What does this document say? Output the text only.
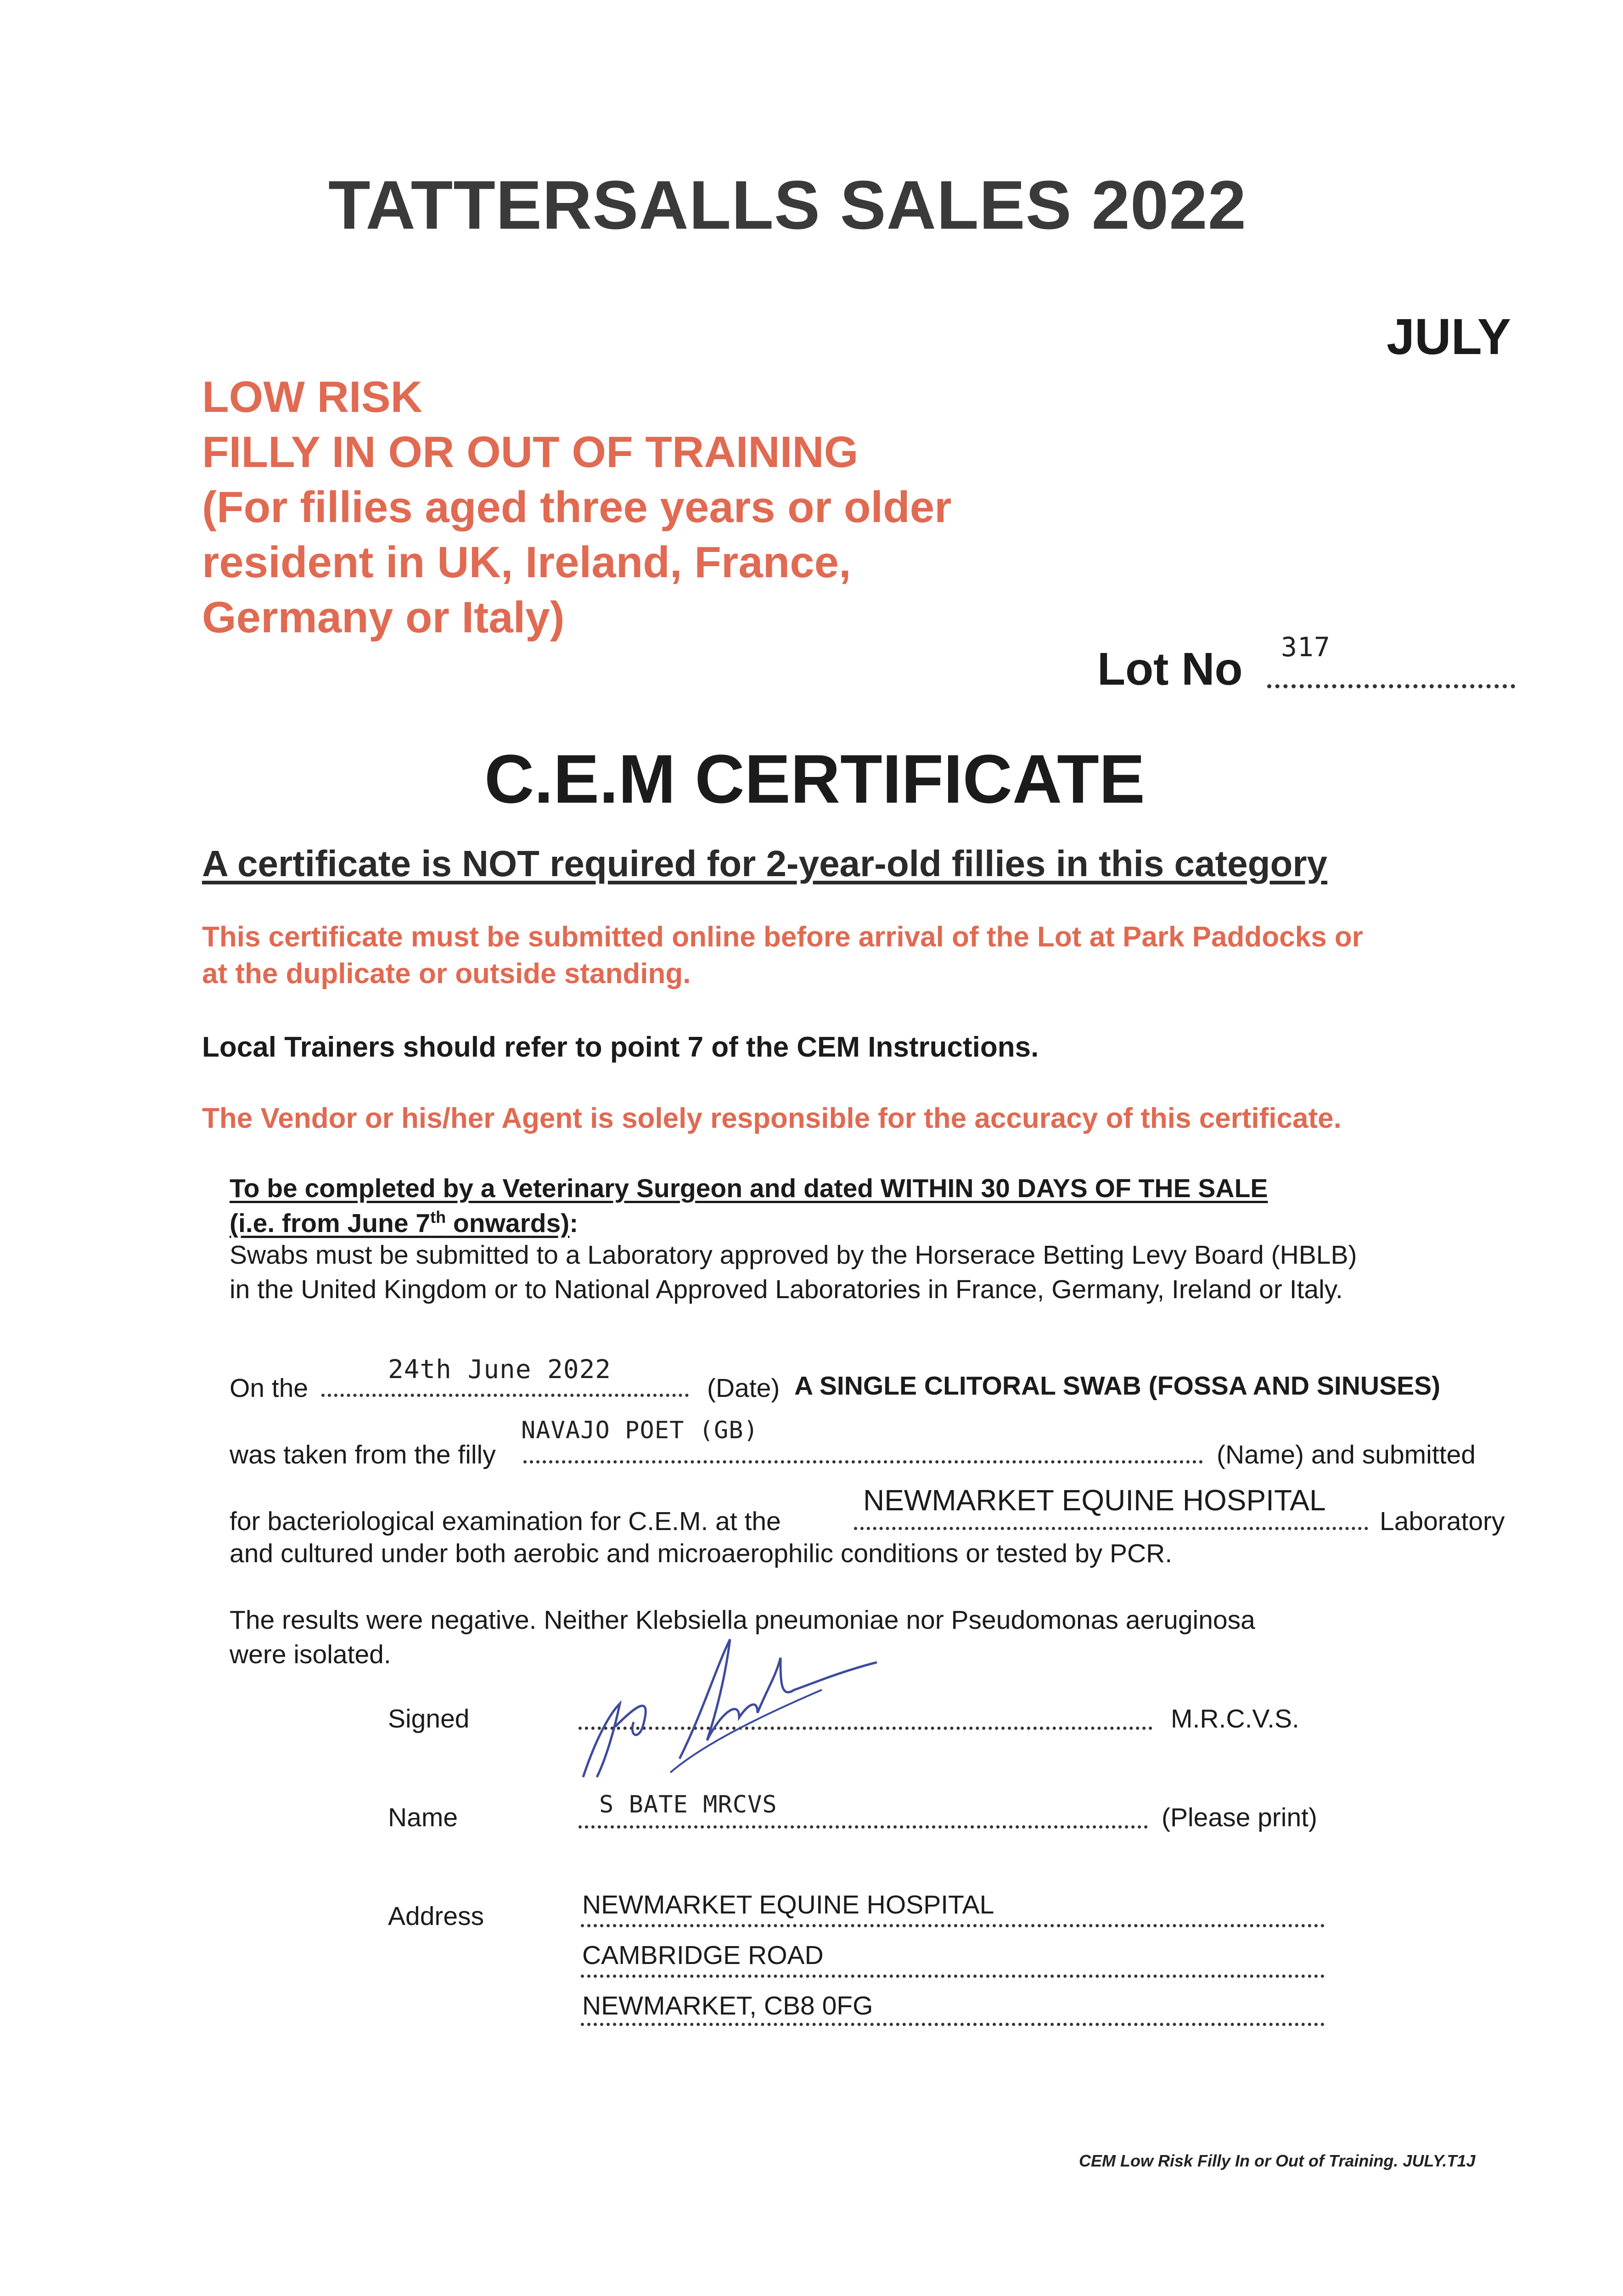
TATTERSALLS SALES 2022
JULY
LOW RISK
FILLY IN OR OUT OF TRAINING
(For fillies aged three years or older
resident in UK, Ireland, France,
Germany or Italy)
Lot No 317
C.E.M CERTIFICATE
A certificate is NOT required for 2-year-old fillies in this category
This certificate must be submitted online before arrival of the Lot at Park Paddocks or
at the duplicate or outside standing.
Local Trainers should refer to point 7 of the CEM Instructions.
The Vendor or his/her Agent is solely responsible for the accuracy of this certificate.
To be completed by a Veterinary Surgeon and dated WITHIN 30 DAYS OF THE SALE
(i.e. from June 7th onwards):
Swabs must be submitted to a Laboratory approved by the Horserace Betting Levy Board (HBLB)
in the United Kingdom or to National Approved Laboratories in France, Germany, Ireland or Italy.
On the
24th June 2022
(Date) A SINGLE CLITORAL SWAB (FOSSA AND SINUSES)
was taken from the filly
NAVAJO POET (GB)
(Name) and submitted
for bacteriological examination for C.E.M. at the
NEWMARKET EQUINE HOSPITAL
Laboratory
and cultured under both aerobic and microaerophilic conditions or tested by PCR.
The results were negative. Neither Klebsiella pneumoniae nor Pseudomonas aeruginosa
were isolated.
Signed	M.R.C.V.S.
Name	S BATE MRCVS	(Please print)
Address	NEWMARKET EQUINE HOSPITAL
CAMBRIDGE ROAD
NEWMARKET, CB8 0FG
CEM Low Risk Filly In or Out of Training. JULY.T1J
